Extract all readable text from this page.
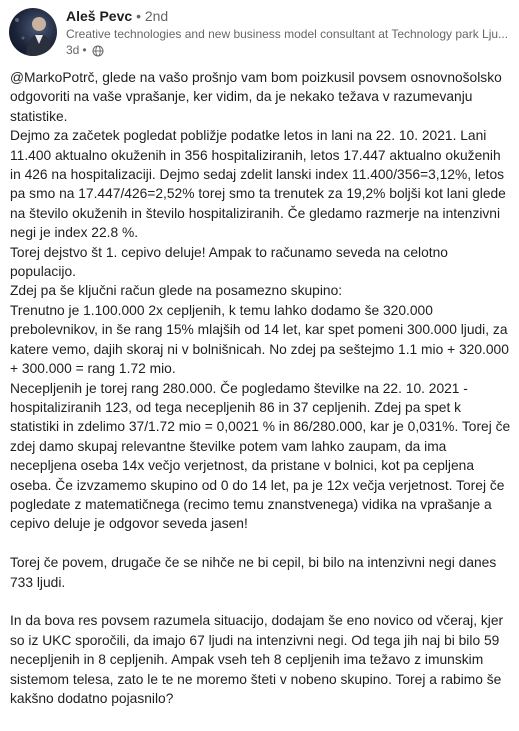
Aleš Pevc • 2nd
Creative technologies and new business model consultant at Technology park Lju...
3d •

@MarkoPotrč, glede na vašo prošnjo vam bom poizkusil povsem osnovnošolsko odgovoriti na vaše vprašanje, ker vidim, da je nekako težava v razumevanju statistike.

Dejmo za začetek pogledat pobližje podatke letos in lani na 22. 10. 2021. Lani 11.400 aktualno okuženih in 356 hospitaliziranih, letos 17.447 aktualno okuženih in 426 na hospitalizaciji. Dejmo sedaj zdelit lanski index 11.400/356=3,12%, letos pa smo na 17.447/426=2,52% torej smo ta trenutek za 19,2% boljši kot lani glede na število okuženih in število hospitaliziranih. Če gledamo razmerje na intenzivni negi je index 22.8 %.

Torej dejstvo št 1. cepivo deluje! Ampak to računamo seveda na celotno populacijo.

Zdej pa še ključni račun glede na posamezno skupino:

Trenutno je 1.100.000 2x cepljenih, k temu lahko dodamo še 320.000 prebolevnikov, in še rang 15% mlajših od 14 let, kar spet pomeni 300.000 ljudi, za katere vemo, dajih skoraj ni v bolnišnicah. No zdej pa seštejmo 1.1 mio + 320.000 + 300.000 = rang 1.72 mio.

Necepljenih je torej rang 280.000. Če pogledamo številke na 22. 10. 2021 - hospitaliziranih 123, od tega necepljenih 86 in 37 cepljenih. Zdej pa spet k statistiki in zdelimo 37/1.72 mio = 0,0021 % in 86/280.000, kar je 0,031%. Torej če zdej damo skupaj relevantne številke potem vam lahko zaupam, da ima necepljena oseba 14x večjo verjetnost, da pristane v bolnici, kot pa cepljena oseba. Če izvzamemo skupino od 0 do 14 let, pa je 12x večja verjetnost. Torej če pogledate z matematičnega (recimo temu znanstvenega) vidika na vprašanje a cepivo deluje je odgovor seveda jasen!

Torej če povem, drugače če se nihče ne bi cepil, bi bilo na intenzivni negi danes 733 ljudi.

In da bova res povsem razumela situacijo, dodajam še eno novico od včeraj, kjer so iz UKC sporočili, da imajo 67 ljudi na intenzivni negi. Od tega jih naj bi bilo 59 necepljenih in 8 cepljenih. Ampak vseh teh 8 cepljenih ima težavo z imunskim sistemom telesa, zato le te ne moremo šteti v nobeno skupino. Torej a rabimo še kakšno dodatno pojasnilo?
